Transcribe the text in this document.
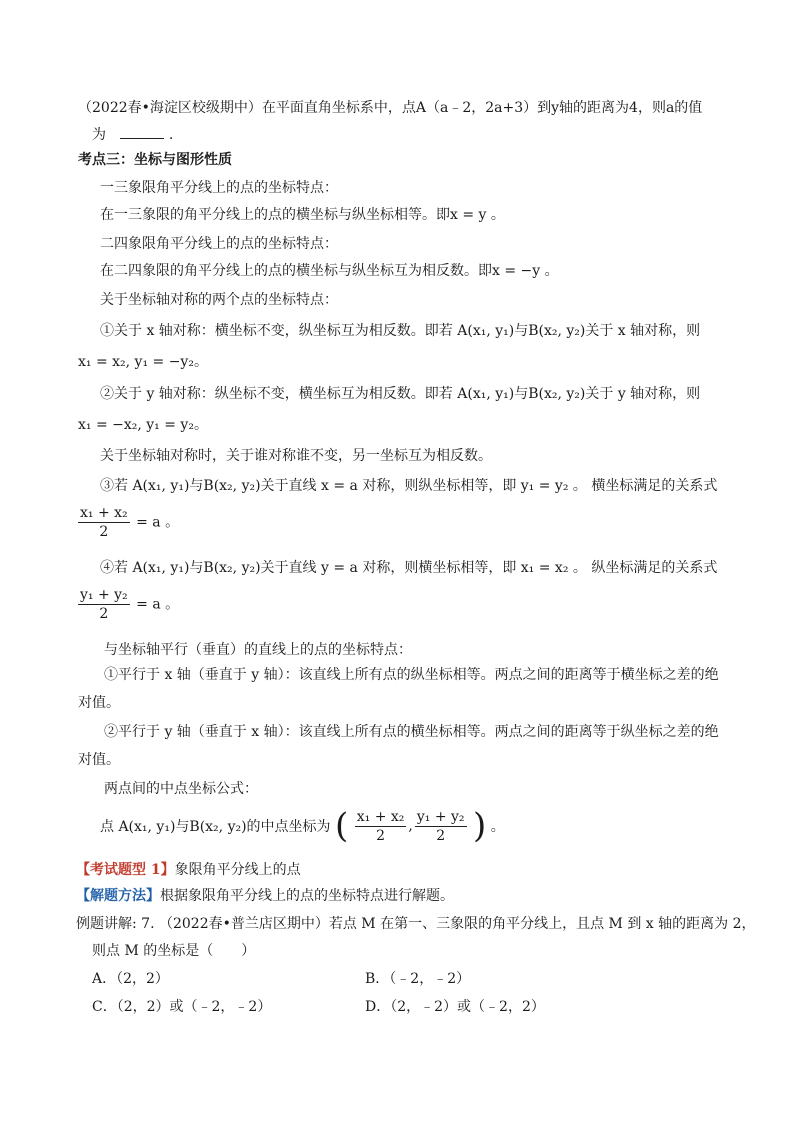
（2022春•海淀区校级期中）在平面直角坐标系中，点A（a﹣2，2a+3）到y轴的距离为4，则a的值
为	.
考点三：坐标与图形性质
一三象限角平分线上的点的坐标特点：
在一三象限的角平分线上的点的横坐标与纵坐标相等。即x = y 。
二四象限角平分线上的点的坐标特点：
在二四象限的角平分线上的点的横坐标与纵坐标互为相反数。即x = −y 。
关于坐标轴对称的两个点的坐标特点：
①关于 x 轴对称：横坐标不变，纵坐标互为相反数。即若 A(x₁, y₁)与B(x₂, y₂)关于 x 轴对称，则
x₁ = x₂, y₁ = −y₂。
②关于 y 轴对称：纵坐标不变，横坐标互为相反数。即若 A(x₁, y₁)与B(x₂, y₂)关于 y 轴对称，则
x₁ = −x₂, y₁ = y₂。
关于坐标轴对称时，关于谁对称谁不变，另一坐标互为相反数。
③若 A(x₁, y₁)与B(x₂, y₂)关于直线 x = a 对称，则纵坐标相等，即 y₁ = y₂ 。 横坐标满足的关系式
$\frac{\text{x₁ + x₂}}{2} = a$ 。
④若 A(x₁, y₁)与B(x₂, y₂)关于直线 y = a 对称，则横坐标相等，即 x₁ = x₂ 。 纵坐标满足的关系式
$\frac{\text{y₁ + y₂}}{2} = a$ 。
与坐标轴平行（垂直）的直线上的点的坐标特点：
①平行于 x 轴（垂直于 y 轴）：该直线上所有点的纵坐标相等。两点之间的距离等于横坐标之差的绝
对值。
②平行于 y 轴（垂直于 x 轴）：该直线上所有点的横坐标相等。两点之间的距离等于纵坐标之差的绝
对值。
两点间的中点坐标公式：
点 A(x₁, y₁)与B(x₂, y₂)的中点坐标为 ( $\frac{\text{x₁ + x₂}}{2}$ , $\frac{\text{y₁ + y₂}}{2}$ ) 。
【考试题型 1】象限角平分线上的点
【解题方法】根据象限角平分线上的点的坐标特点进行解题。
例题讲解: 7. （2022春•普兰店区期中）若点 M 在第一、三象限的角平分线上，且点 M 到 x 轴的距离为 2，
则点 M 的坐标是（　　）
A．（2，2）	B．（﹣2，﹣2）
C．（2，2）或（﹣2，﹣2）	D．（2，﹣2）或（﹣2，2）
